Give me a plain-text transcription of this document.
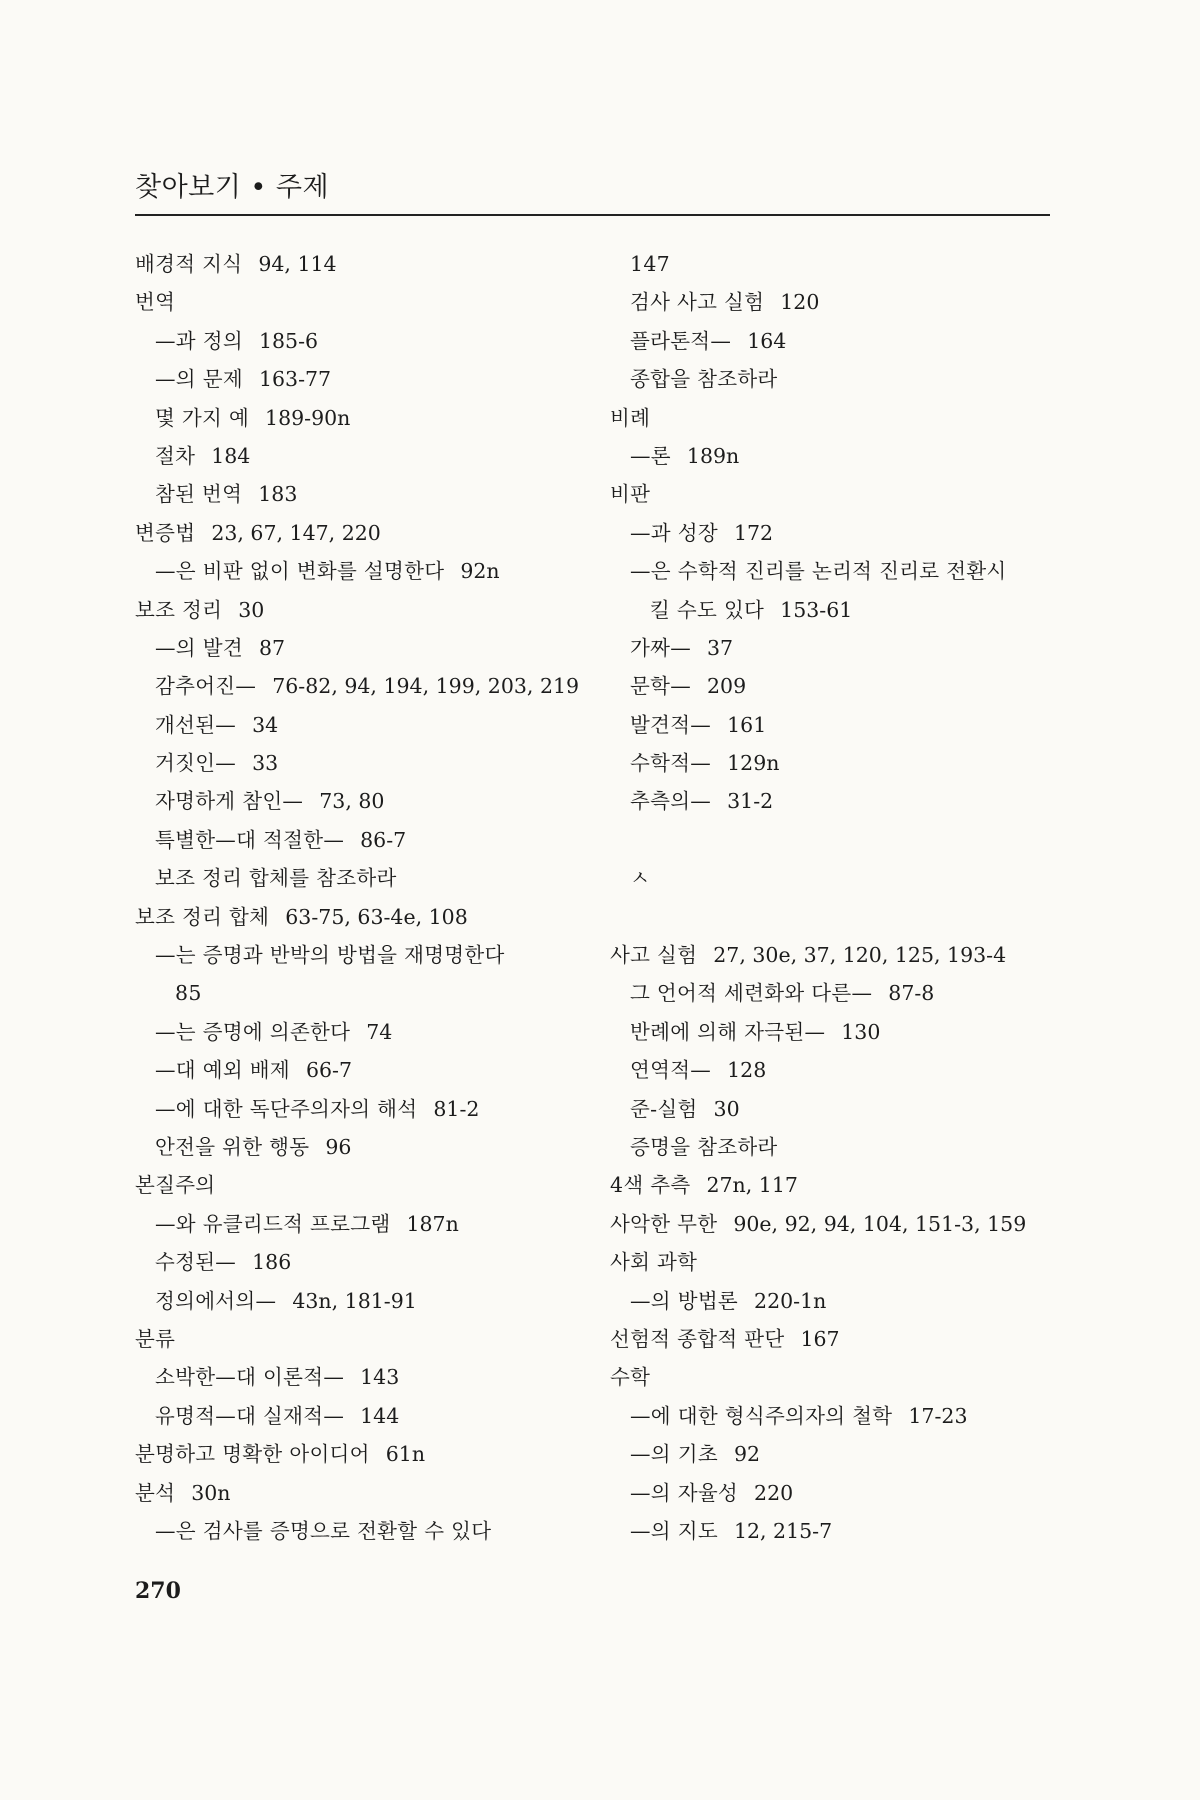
찾아보기 • 주제
배경적 지식 94, 114
번역
—과 정의 185-6
—의 문제 163-77
몇 가지 예 189-90n
절차 184
참된 번역 183
변증법 23, 67, 147, 220
—은 비판 없이 변화를 설명한다 92n
보조 정리 30
—의 발견 87
감추어진— 76-82, 94, 194, 199, 203, 219
개선된— 34
거짓인— 33
자명하게 참인— 73, 80
특별한—대 적절한— 86-7
보조 정리 합체를 참조하라
보조 정리 합체 63-75, 63-4e, 108
—는 증명과 반박의 방법을 재명명한다
85
—는 증명에 의존한다 74
—대 예외 배제 66-7
—에 대한 독단주의자의 해석 81-2
안전을 위한 행동 96
본질주의
—와 유클리드적 프로그램 187n
수정된— 186
정의에서의— 43n, 181-91
분류
소박한—대 이론적— 143
유명적—대 실재적— 144
분명하고 명확한 아이디어 61n
분석 30n
—은 검사를 증명으로 전환할 수 있다
147
검사 사고 실험 120
플라톤적— 164
종합을 참조하라
비례
—론 189n
비판
—과 성장 172
—은 수학적 진리를 논리적 진리로 전환시
킬 수도 있다 153-61
가짜— 37
문학— 209
발견적— 161
수학적— 129n
추측의— 31-2
ㅅ
사고 실험 27, 30e, 37, 120, 125, 193-4
그 언어적 세련화와 다른— 87-8
반례에 의해 자극된— 130
연역적— 128
준-실험 30
증명을 참조하라
4색 추측 27n, 117
사악한 무한 90e, 92, 94, 104, 151-3, 159
사회 과학
—의 방법론 220-1n
선험적 종합적 판단 167
수학
—에 대한 형식주의자의 철학 17-23
—의 기초 92
—의 자율성 220
—의 지도 12, 215-7
270
